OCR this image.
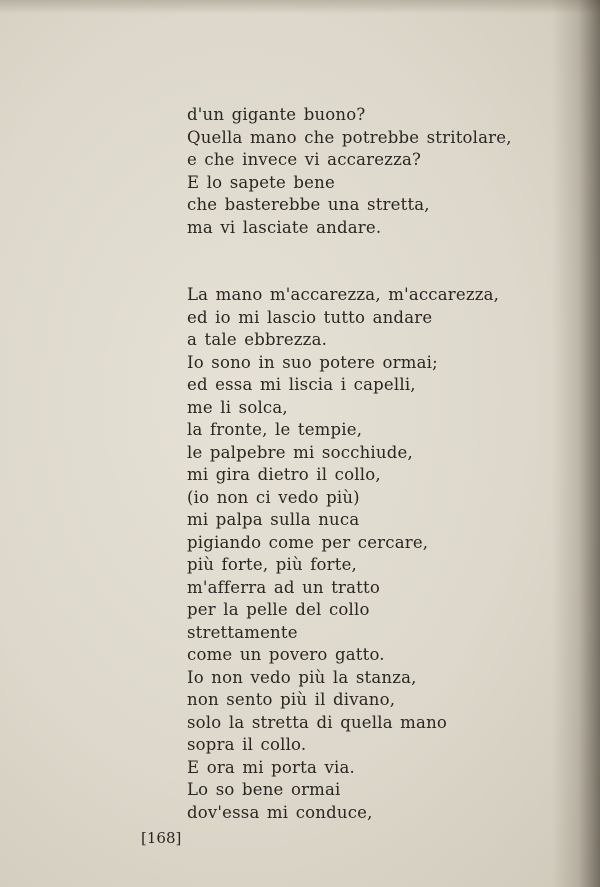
d'un gigante buono?
Quella mano che potrebbe stritolare,
e che invece vi accarezza?
E lo sapete bene
che basterebbe una stretta,
ma vi lasciate andare.
La mano m'accarezza, m'accarezza,
ed io mi lascio tutto andare
a tale ebbrezza.
Io sono in suo potere ormai;
ed essa mi liscia i capelli,
me li solca,
la fronte, le tempie,
le palpebre mi socchiude,
mi gira dietro il collo,
(io non ci vedo più)
mi palpa sulla nuca
pigiando come per cercare,
più forte, più forte,
m'afferra ad un tratto
per la pelle del collo
strettamente
come un povero gatto.
Io non vedo più la stanza,
non sento più il divano,
solo la stretta di quella mano
sopra il collo.
E ora mi porta via.
Lo so bene ormai
dov'essa mi conduce,
[168]
